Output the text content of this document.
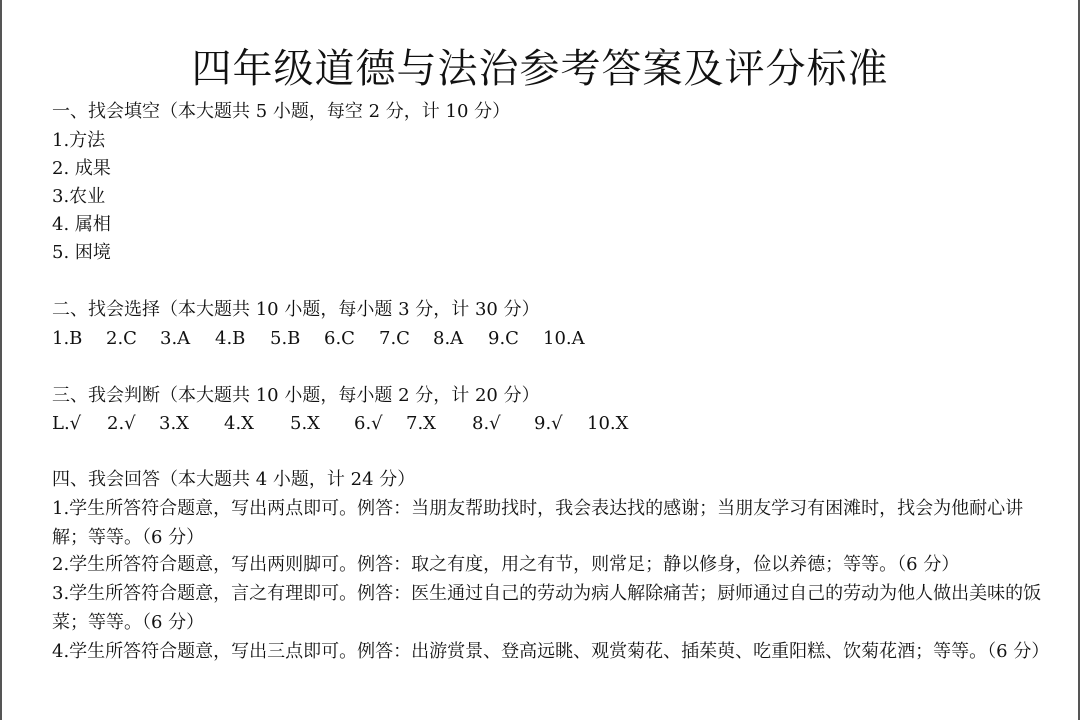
四年级道德与法治参考答案及评分标准
一、找会填空（本大题共 5 小题，每空 2 分，计 10 分）
1.方法
2. 成果
3.农业
4. 属相
5. 困境
二、找会选择（本大题共 10 小题，每小题 3 分，计 30 分）
1.B 2.C 3.A 4.B 5.B 6.C 7.C 8.A 9.C 10.A
三、我会判断（本大题共 10 小题，每小题 2 分，计 20 分）
L.√ 2.√ 3.X 4.X 5.X 6.√ 7.X 8.√ 9.√ 10.X
四、我会回答（本大题共 4 小题，计 24 分）
1.学生所答符合题意，写出两点即可。例答：当朋友帮助找时，我会表达找的感谢；当朋友学习有困滩时，找会为他耐心讲解；等等。（6 分）
2.学生所答符合题意，写出两则脚可。例答：取之有度，用之有节，则常足；静以修身，俭以养德；等等。（6 分）
3.学生所答符合题意，言之有理即可。例答：医生通过自己的劳动为病人解除痛苦；厨师通过自己的劳动为他人做出美味的饭菜；等等。（6 分）
4.学生所答符合题意，写出三点即可。例答：出游赏景、登高远眺、观赏菊花、插茱萸、吃重阳糕、饮菊花酒；等等。（6 分）
